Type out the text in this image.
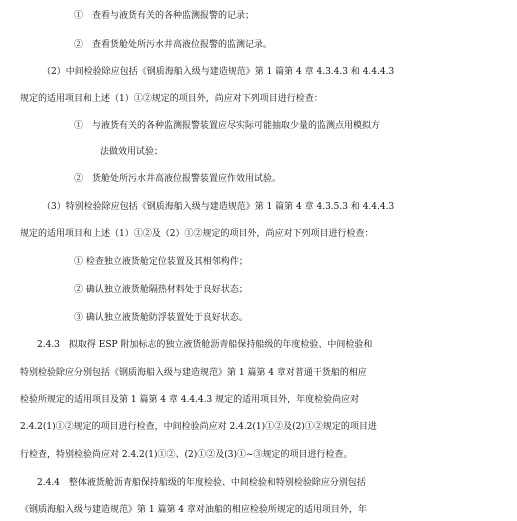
①　查看与液货有关的各种监测报警的记录；
②　查看货舱处所污水井高液位报警的监测记录。
（2）中间检验除应包括《钢质海船入级与建造规范》第 1 篇第 4 章 4.3.4.3 和 4.4.4.3
规定的适用项目和上述（1）①②规定的项目外，尚应对下列项目进行检查：
①　与液货有关的各种监测报警装置应尽实际可能抽取少量的监测点用模拟方
法做效用试验；
②　货舱处所污水井高液位报警装置应作效用试验。
（3）特别检验除应包括《钢质海船入级与建造规范》第 1 篇第 4 章 4.3.5.3 和 4.4.4.3
规定的适用项目和上述（1）①②及（2）①②规定的项目外，尚应对下列项目进行检查：
① 检查独立液货舱定位装置及其相邻构件；
② 确认独立液货舱隔热材料处于良好状态；
③ 确认独立液货舱防浮装置处于良好状态。
2.4.3　拟取得 ESP 附加标志的独立液货舱沥青船保持船级的年度检验、中间检验和
特别检验除应分别包括《钢质海船入级与建造规范》第 1 篇第 4 章对普通干货船的相应
检验所规定的适用项目及第 1 篇第 4 章 4.4.4.3 规定的适用项目外，年度检验尚应对
2.4.2(1)①②规定的项目进行检查，中间检验尚应对 2.4.2(1)①②及(2)①②规定的项目进
行检查，特别检验尚应对 2.4.2(1)①②、(2)①②及(3)①~③规定的项目进行检查。
2.4.4　整体液货舱沥青船保持船级的年度检验、中间检验和特别检验除应分别包括
《钢质海船入级与建造规范》第 1 篇第 4 章对油船的相应检验所规定的适用项目外，年
